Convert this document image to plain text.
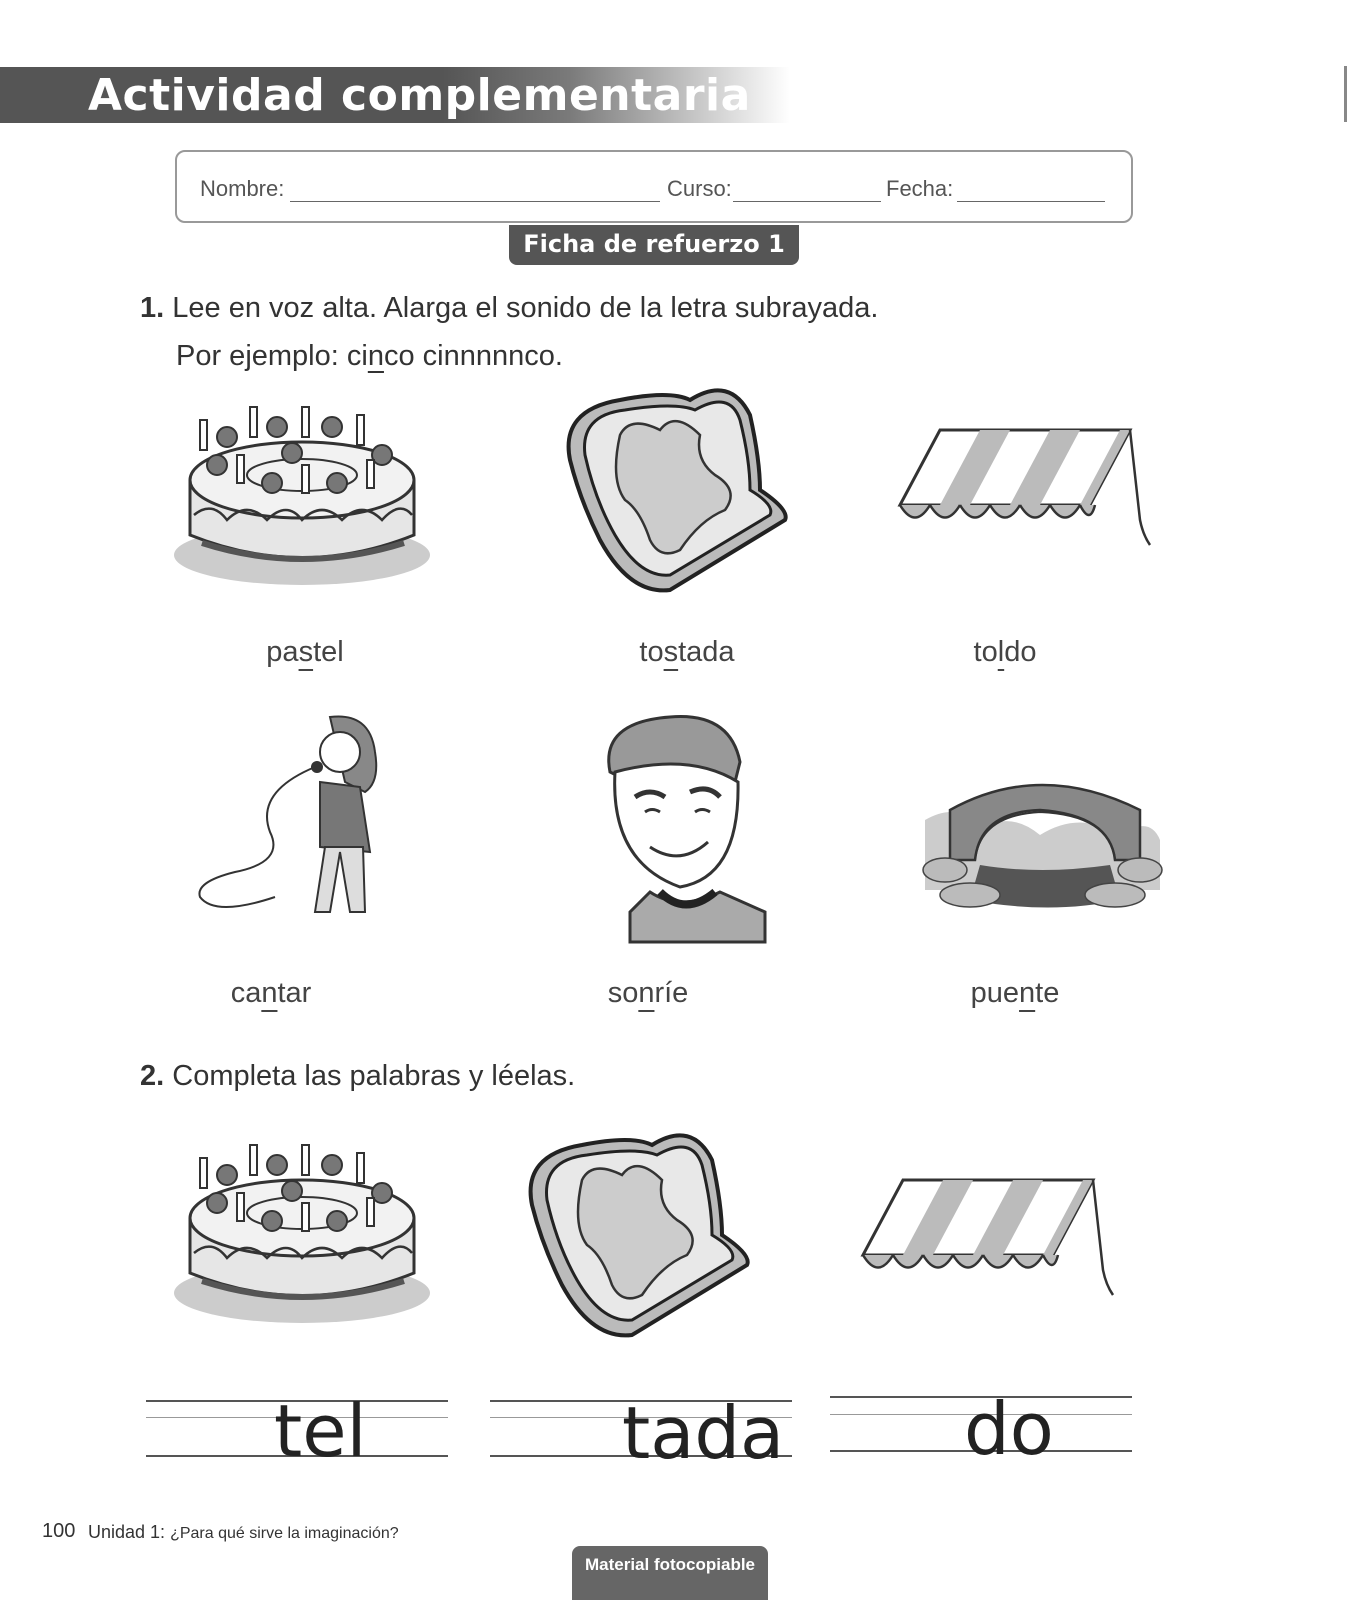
Actividad complementaria
Nombre:	Curso:	Fecha:
Ficha de refuerzo 1
1. Lee en voz alta. Alarga el sonido de la letra subrayada.
Por ejemplo: cinco cinnnnnco.
pastel	tostada	toldo
cantar	sonríe	puente
2. Completa las palabras y léelas.
tel	tada do
100 Unidad 1: ¿Para qué sirve la imaginación?
Material fotocopiable
